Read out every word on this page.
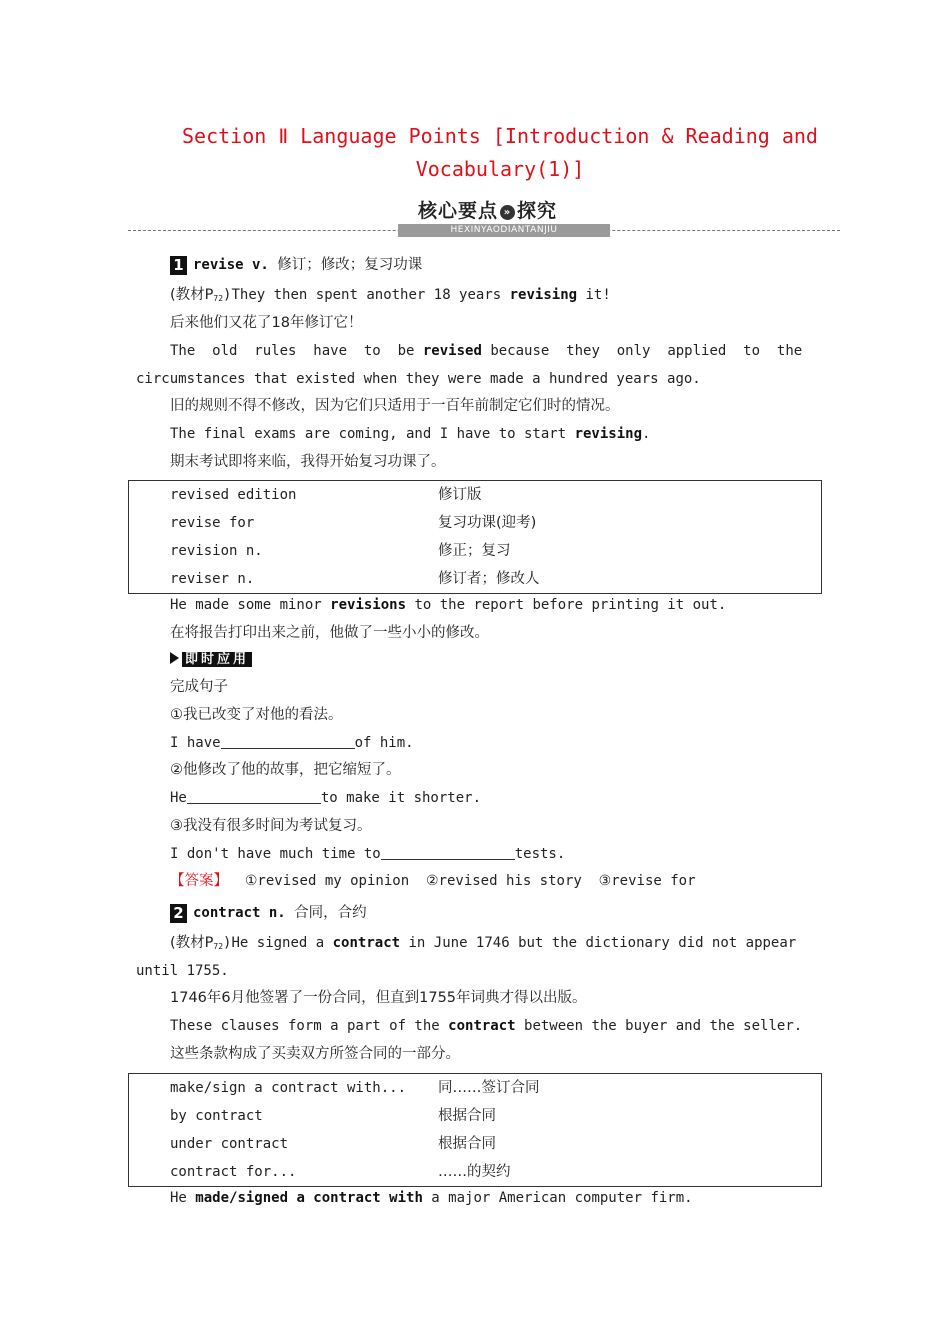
Section Ⅱ Language Points [Introduction & Reading and
Vocabulary(1)]
核心要点 » 探究
HEXINYAODIANTANJIU
1 revise v. 修订；修改；复习功课
(教材$P_{72})They$ then spent another 18 years revising it!
后来他们又花了18年修订它！
The  old  rules  have  to  be revised because  they  only  applied  to  the
circumstances that existed when they were made a hundred years ago.
旧的规则不得不修改，因为它们只适用于一百年前制定它们时的情况。
The final exams are coming, and I have to start revising.
期末考试即将来临，我得开始复习功课了。
revised edition	修订版
revise for	复习功课(迎考)
revision n.	修正；复习
reviser n.	修订者；修改人
He made some minor revisions to the report before printing it out.
在将报告打印出来之前，他做了一些小小的修改。
即时应用
完成句子
①我已改变了对他的看法。
I have	of him.
②他修改了他的故事，把它缩短了。
He	to make it shorter.
③我没有很多时间为考试复习。
I don't have much time to	tests.
【答案】  ①revised my opinion  ②revised his story  ③revise for
2 contract n. 合同，合约
(教材$P_{72})He$ signed a contract in June 1746 but the dictionary did not appear
until 1755.
1746年6月他签署了一份合同，但直到1755年词典才得以出版。
These clauses form a part of the contract between the buyer and the seller.
这些条款构成了买卖双方所签合同的一部分。
make/sign a contract with... 同……签订合同
by contract	根据合同
under contract	根据合同
contract for...	……的契约
He made/signed a contract with a major American computer firm.
